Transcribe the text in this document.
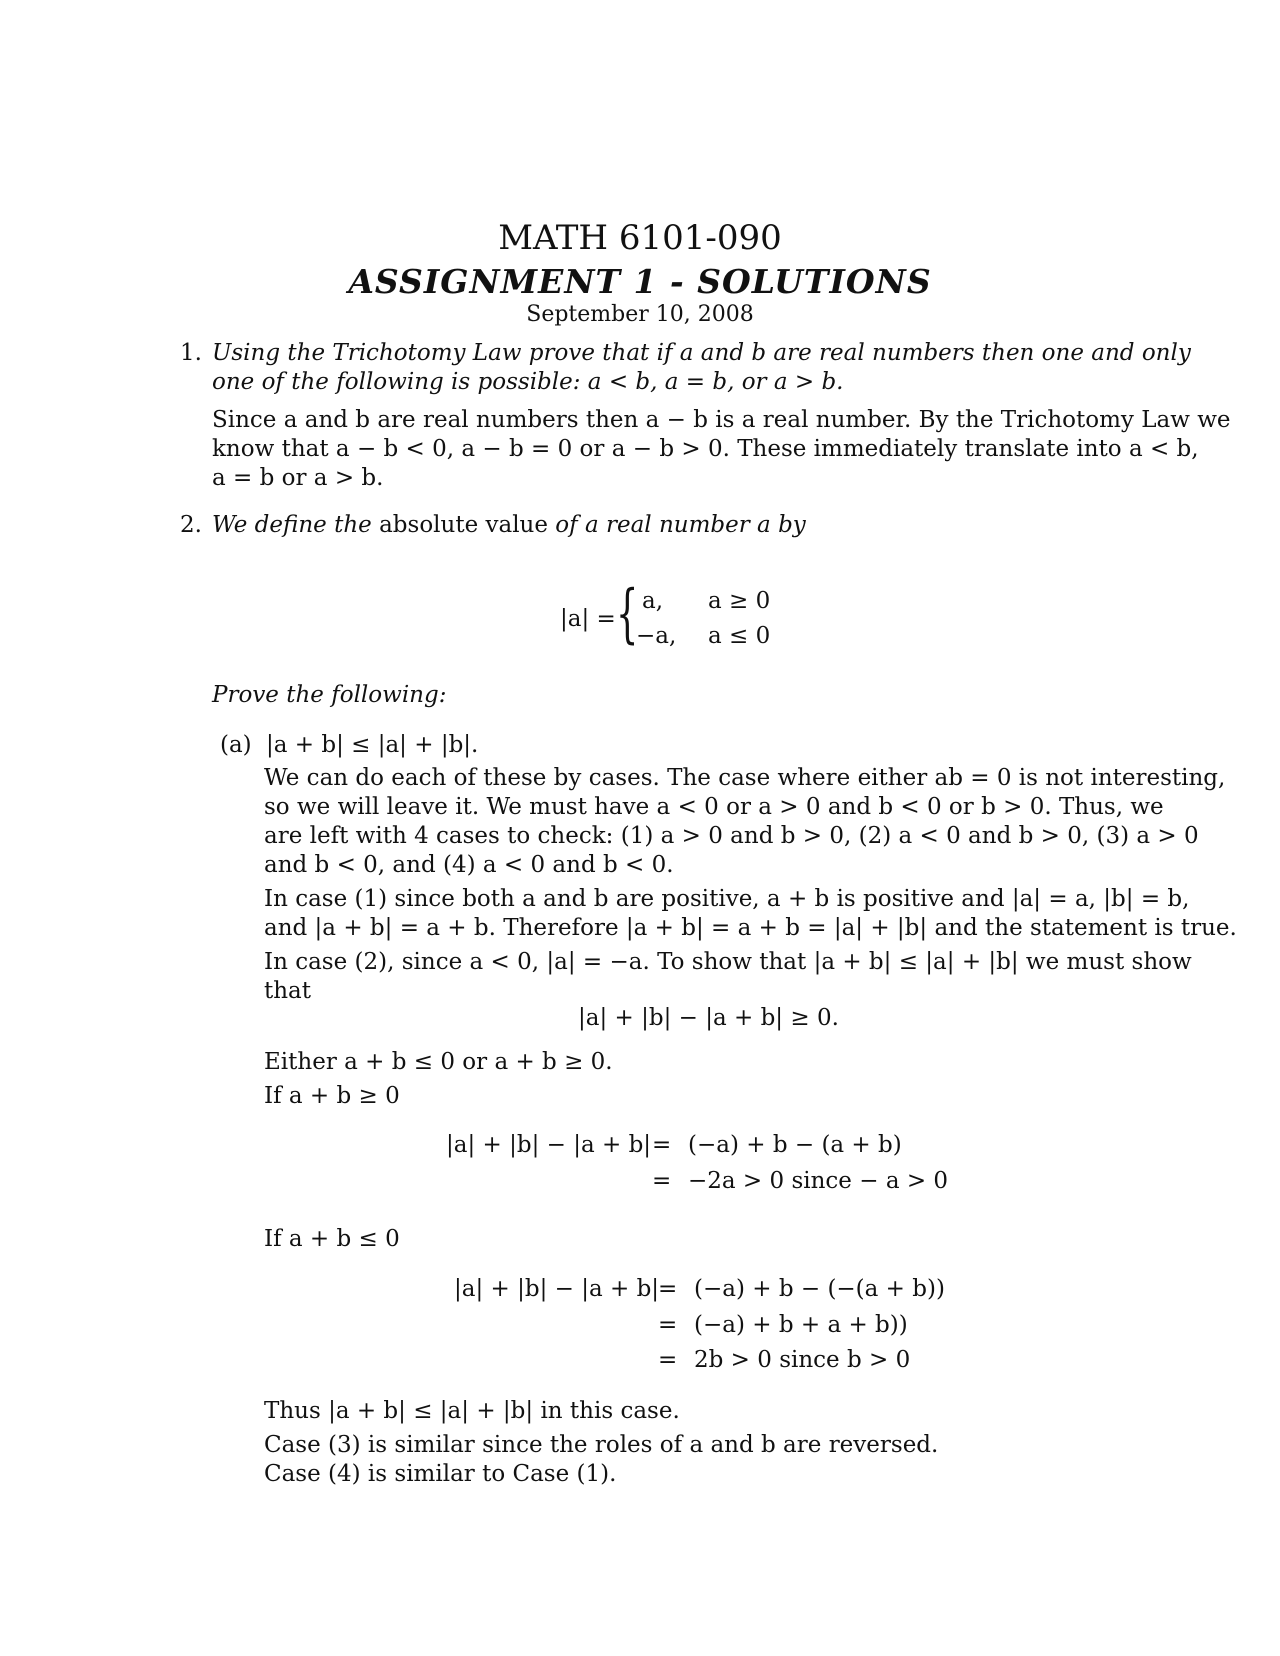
MATH 6101-090
ASSIGNMENT 1 - SOLUTIONS
September 10, 2008
1. Using the Trichotomy Law prove that if a and b are real numbers then one and only
one of the following is possible: a < b, a = b, or a > b.
Since a and b are real numbers then a − b is a real number. By the Trichotomy Law we
know that a − b < 0, a − b = 0 or a − b > 0. These immediately translate into a < b,
a = b or a > b.
2. We define the absolute value of a real number a by
|a| = { a, a ≥ 0
−a, a ≤ 0
Prove the following:
(a) |a + b| ≤ |a| + |b|.
We can do each of these by cases. The case where either ab = 0 is not interesting,
so we will leave it. We must have a < 0 or a > 0 and b < 0 or b > 0. Thus, we
are left with 4 cases to check: (1) a > 0 and b > 0, (2) a < 0 and b > 0, (3) a > 0
and b < 0, and (4) a < 0 and b < 0.
In case (1) since both a and b are positive, a + b is positive and |a| = a, |b| = b,
and |a + b| = a + b. Therefore |a + b| = a + b = |a| + |b| and the statement is true.
In case (2), since a < 0, |a| = −a. To show that |a + b| ≤ |a| + |b| we must show
that
|a| + |b| − |a + b| ≥ 0.
Either a + b ≤ 0 or a + b ≥ 0.
If a + b ≥ 0
|a| + |b| − |a + b| = (−a) + b − (a + b)
= −2a > 0 since − a > 0
If a + b ≤ 0
|a| + |b| − |a + b|
= (−a) + b − (−(a + b))
= (−a) + b + a + b))
= 2b > 0 since b > 0
Thus |a + b| ≤ |a| + |b| in this case.
Case (3) is similar since the roles of a and b are reversed.
Case (4) is similar to Case (1).
